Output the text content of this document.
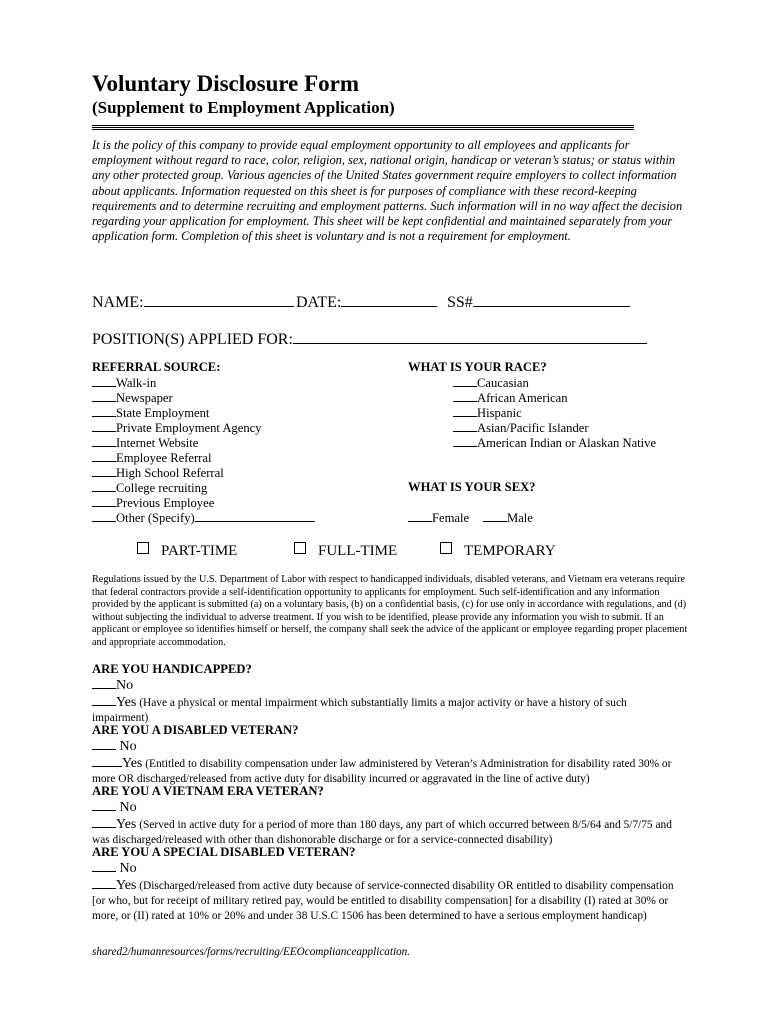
Voluntary Disclosure Form
(Supplement to Employment Application)
It is the policy of this company to provide equal employment opportunity to all employees and applicants for employment without regard to race, color, religion, sex, national origin, handicap or veteran’s status; or status within any other protected group. Various agencies of the United States government require employers to collect information about applicants. Information requested on this sheet is for purposes of compliance with these record-keeping requirements and to determine recruiting and employment patterns. Such information will in no way affect the decision regarding your application for employment. This sheet will be kept confidential and maintained separately from your application form. Completion of this sheet is voluntary and is not a requirement for employment.
NAME:	DATE:	SS#
POSITION(S) APPLIED FOR:
REFERRAL SOURCE:
Walk-in
Newspaper
State Employment
Private Employment Agency
Internet Website
Employee Referral
High School Referral
College recruiting
Previous Employee
Other (Specify)
WHAT IS YOUR RACE?
Caucasian
African American
Hispanic
Asian/Pacific Islander
American Indian or Alaskan Native
WHAT IS YOUR SEX?
Female	Male
PART-TIME	FULL-TIME	TEMPORARY
Regulations issued by the U.S. Department of Labor with respect to handicapped individuals, disabled veterans, and Vietnam era veterans require that federal contractors provide a self-identification opportunity to applicants for employment. Such self-identification and any information provided by the applicant is submitted (a) on a voluntary basis, (b) on a confidential basis, (c) for use only in accordance with regulations, and (d) without subjecting the individual to adverse treatment. If you wish to be identified, please provide any information you wish to submit. If an applicant or employee so identifies himself or herself, the company shall seek the advice of the applicant or employee regarding proper placement and appropriate accommodation.
ARE YOU HANDICAPPED?
No
Yes (Have a physical or mental impairment which substantially limits a major activity or have a history of such impairment)
ARE YOU A DISABLED VETERAN?
No
Yes (Entitled to disability compensation under law administered by Veteran’s Administration for disability rated 30% or more OR discharged/released from active duty for disability incurred or aggravated in the line of active duty)
ARE YOU A VIETNAM ERA VETERAN?
No
Yes (Served in active duty for a period of more than 180 days, any part of which occurred between 8/5/64 and 5/7/75 and was discharged/released with other than dishonorable discharge or for a service-connected disability)
ARE YOU A SPECIAL DISABLED VETERAN?
No
Yes (Discharged/released from active duty because of service-connected disability OR entitled to disability compensation [or who, but for receipt of military retired pay, would be entitled to disability compensation] for a disability (I) rated at 30% or more, or (II) rated at 10% or 20% and under 38 U.S.C 1506 has been determined to have a serious employment handicap)
shared2/humanresources/forms/recruiting/EEOcomplianceapplication.
